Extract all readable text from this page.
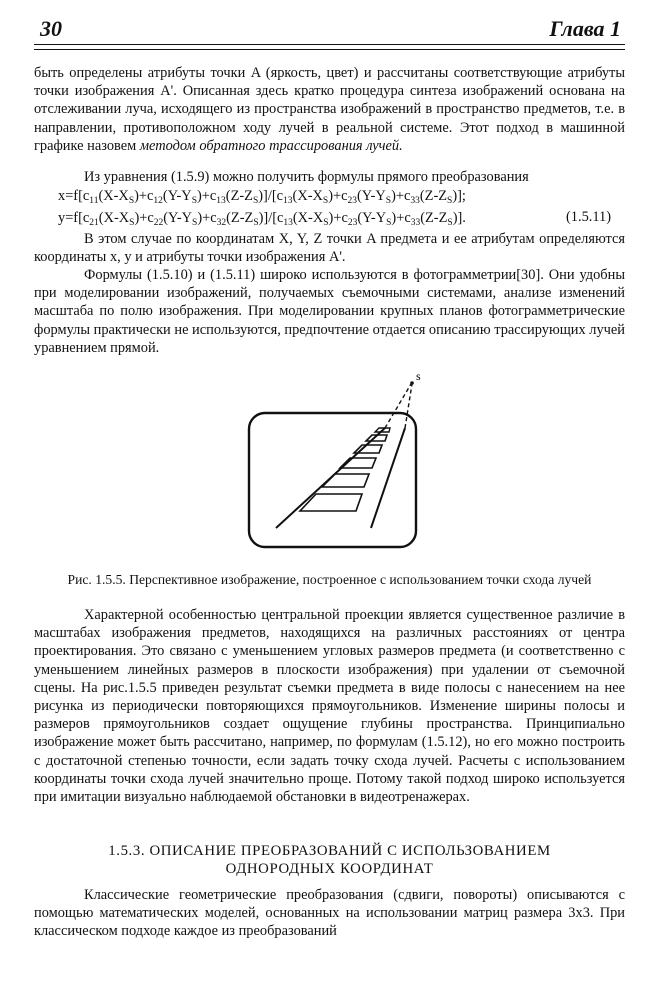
30	Глава 1

быть определены атрибуты точки A (яркость, цвет) и рассчитаны соответствующие атрибуты точки изображения A'. Описанная здесь кратко процедура синтеза изображений основана на отслеживании луча, исходящего из пространства изображений в пространство предметов, т.е. в направлении, противоположном ходу лучей в реальной системе. Этот подход в машинной графике назовем методом обратного трассирования лучей.

Из уравнения (1.5.9) можно получить формулы прямого преобразования

$x=f[c_{11}(X-X_S)+c_{12}(Y-Y_S)+c_{13}(Z-Z_S)]/[c_{13}(X-X_S)+c_{23}(Y-Y_S)+c_{33}(Z-Z_S)]$;
$y=f[c_{21}(X-X_S)+c_{22}(Y-Y_S)+c_{32}(Z-Z_S)]/[c_{13}(X-X_S)+c_{23}(Y-Y_S)+c_{33}(Z-Z_S)]$.	(1.5.11)

В этом случае по координатам X, Y, Z точки A предмета и ее атрибутам определяются координаты x, y и атрибуты точки изображения A'.

Формулы (1.5.10) и (1.5.11) широко используются в фотограмметрии[30]. Они удобны при моделировании изображений, получаемых съемочными системами, анализе изменений масштаба по полю изображения. При моделировании крупных планов фотограмметрические формулы практически не используются, предпочтение отдается описанию трассирующих лучей уравнением прямой.

s
Рис. 1.5.5. Перспективное изображение, построенное с использованием точки схода лучей

Характерной особенностью центральной проекции является существенное различие в масштабах изображения предметов, находящихся на различных расстояниях от центра проектирования. Это связано с уменьшением угловых размеров предмета (и соответственно с уменьшением линейных размеров в плоскости изображения) при удалении от съемочной сцены. На рис.1.5.5 приведен результат съемки предмета в виде полосы с нанесением на нее рисунка из периодически повторяющихся прямоугольников. Изменение ширины полосы и размеров прямоугольников создает ощущение глубины пространства. Принципиально изображение может быть рассчитано, например, по формулам (1.5.12), но его можно построить с достаточной степенью точности, если задать точку схода лучей. Расчеты с использованием координаты точки схода лучей значительно проще. Потому такой подход широко используется при имитации визуально наблюдаемой обстановки в видеотренажерах.

1.5.3. ОПИСАНИЕ ПРЕОБРАЗОВАНИЙ С ИСПОЛЬЗОВАНИЕМ
ОДНОРОДНЫХ КООРДИНАТ

Классические геометрические преобразования (сдвиги, повороты) описываются с помощью математических моделей, основанных на использовании матриц размера 3x3. При классическом подходе каждое из преобразований
